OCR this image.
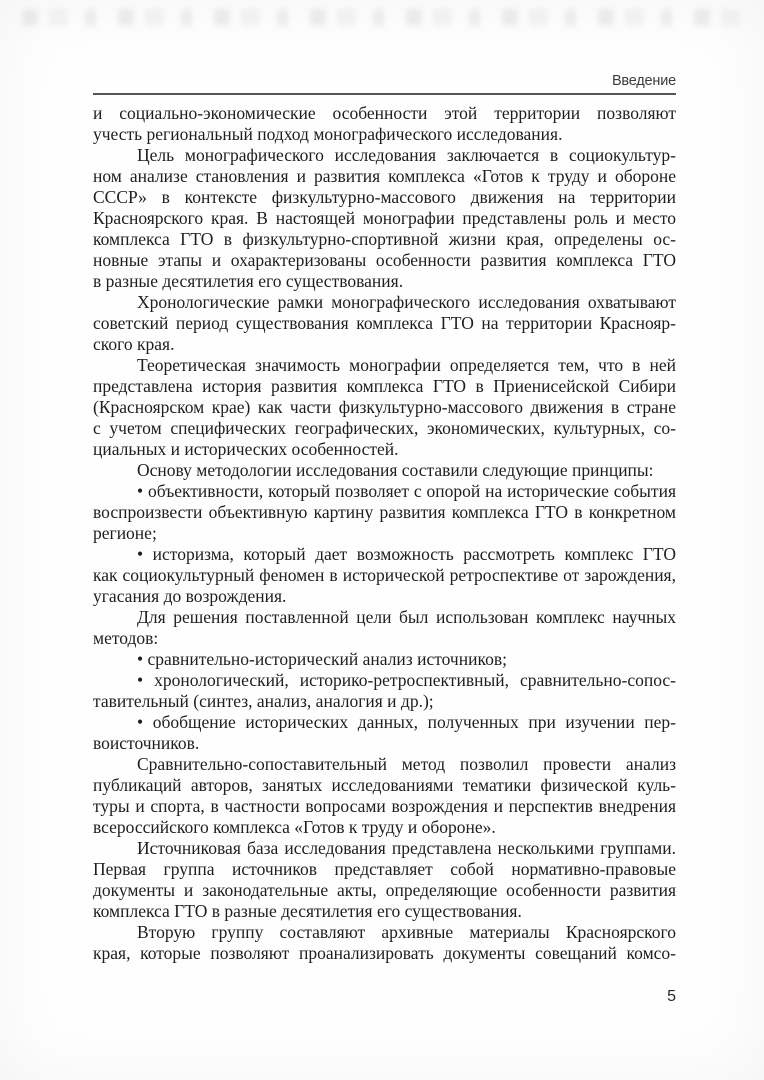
Введение
и социально-экономические особенности этой территории позволяют
учесть региональный подход монографического исследования.
Цель монографического исследования заключается в социокультур-
ном анализе становления и развития комплекса «Готов к труду и обороне
СССР» в контексте физкультурно-массового движения на территории
Красноярского края. В настоящей монографии представлены роль и место
комплекса ГТО в физкультурно-спортивной жизни края, определены ос-
новные этапы и охарактеризованы особенности развития комплекса ГТО
в разные десятилетия его существования.
Хронологические рамки монографического исследования охватывают
советский период существования комплекса ГТО на территории Краснояр-
ского края.
Теоретическая значимость монографии определяется тем, что в ней
представлена история развития комплекса ГТО в Приенисейской Сибири
(Красноярском крае) как части физкультурно-массового движения в стране
с учетом специфических географических, экономических, культурных, со-
циальных и исторических особенностей.
Основу методологии исследования составили следующие принципы:
• объективности, который позволяет с опорой на исторические события
воспроизвести объективную картину развития комплекса ГТО в конкретном
регионе;
• историзма, который дает возможность рассмотреть комплекс ГТО
как социокультурный феномен в исторической ретроспективе от зарождения,
угасания до возрождения.
Для решения поставленной цели был использован комплекс научных
методов:
• сравнительно-исторический анализ источников;
• хронологический, историко-ретроспективный, сравнительно-сопос-
тавительный (синтез, анализ, аналогия и др.);
• обобщение исторических данных, полученных при изучении пер-
воисточников.
Сравнительно-сопоставительный метод позволил провести анализ
публикаций авторов, занятых исследованиями тематики физической куль-
туры и спорта, в частности вопросами возрождения и перспектив внедрения
всероссийского комплекса «Готов к труду и обороне».
Источниковая база исследования представлена несколькими группами.
Первая группа источников представляет собой нормативно-правовые
документы и законодательные акты, определяющие особенности развития
комплекса ГТО в разные десятилетия его существования.
Вторую группу составляют архивные материалы Красноярского
края, которые позволяют проанализировать документы совещаний комсо-
5
